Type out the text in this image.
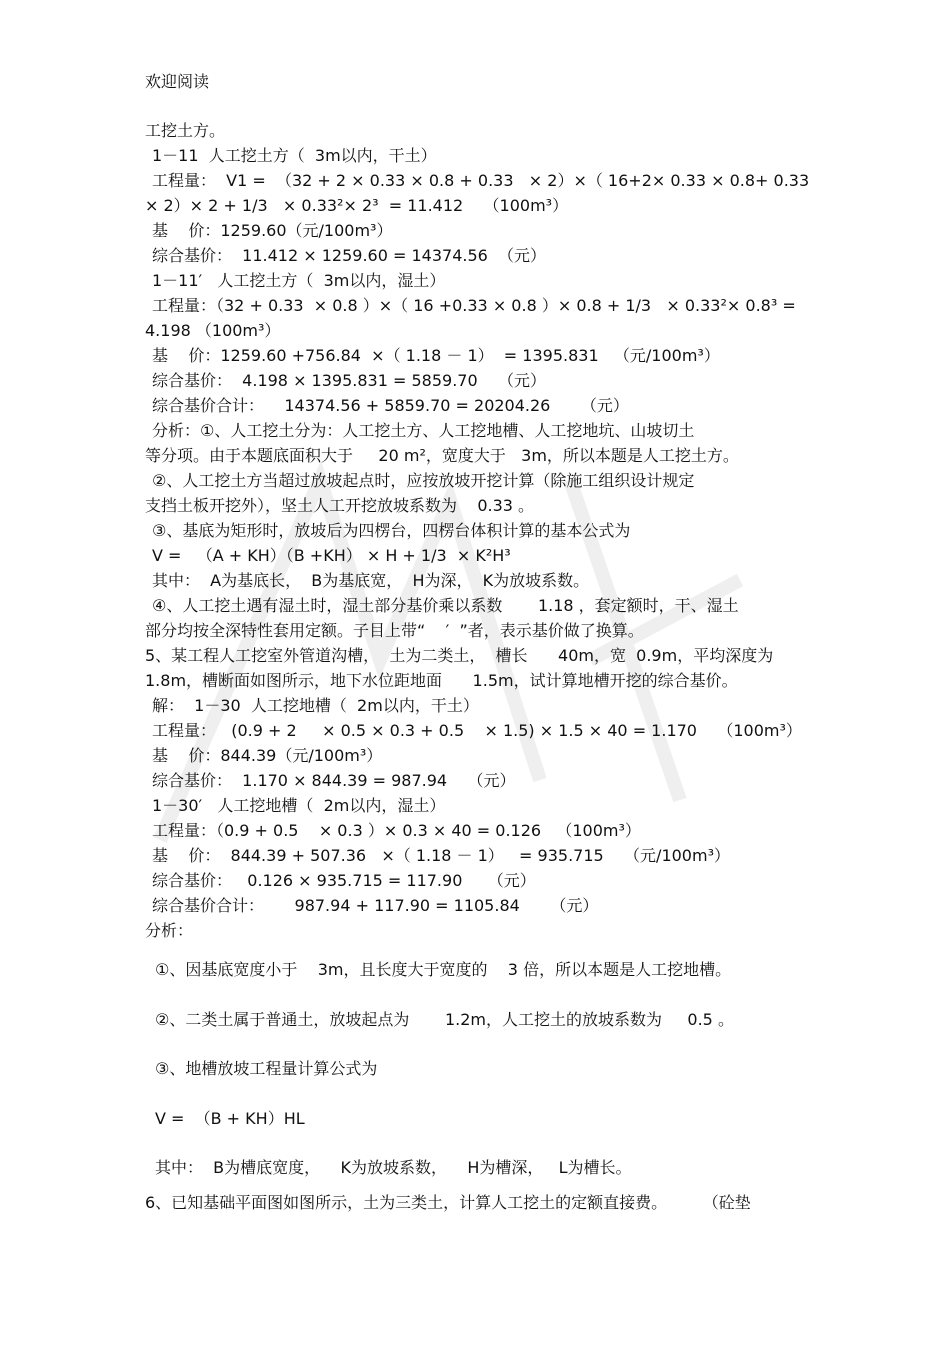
欢迎阅读
工挖土方。
1－11  人工挖土方（  3m以内，干土）
工程量：  V1 =  （32 + 2 × 0.33 × 0.8 + 0.33   × 2）×（ 16+2× 0.33 × 0.8+ 0.33
× 2）× 2 + 1/3   × 0.33²× 2³  = 11.412    （100m³）
基    价：1259.60（元/100m³）
综合基价：  11.412 × 1259.60 = 14374.56  （元）
1－11′   人工挖土方（  3m以内，湿土）
工程量：（32 + 0.33  × 0.8 ）×（ 16 +0.33 × 0.8 ）× 0.8 + 1/3   × 0.33²× 0.8³ =
4.198 （100m³）
基    价：1259.60 +756.84  ×（ 1.18 － 1）  = 1395.831   （元/100m³）
综合基价：  4.198 × 1395.831 = 5859.70    （元）
综合基价合计：    14374.56 + 5859.70 = 20204.26      （元）
分析：①、人工挖土分为：人工挖土方、人工挖地槽、人工挖地坑、山坡切土
等分项。由于本题底面积大于     20 m²，宽度大于   3m，所以本题是人工挖土方。
②、人工挖土方当超过放坡起点时，应按放坡开挖计算（除施工组织设计规定
支挡土板开挖外），坚土人工开挖放坡系数为    0.33 。
③、基底为矩形时，放坡后为四楞台，四楞台体积计算的基本公式为
V =   （A + KH）（B +KH） × H + 1/3  × K²H³
其中：  A为基底长，  B为基底宽，  H为深，  K为放坡系数。
④、人工挖土遇有湿土时，湿土部分基价乘以系数       1.18 ，套定额时，干、湿土
部分均按全深特性套用定额。子目上带“    ′  ”者，表示基价做了换算。
5、某工程人工挖室外管道沟槽，  土为二类土，  槽长      40m，宽  0.9m，平均深度为
1.8m，槽断面如图所示，地下水位距地面      1.5m，试计算地槽开挖的综合基价。
解：  1－30  人工挖地槽（  2m以内，干土）
工程量：   (0.9 + 2     × 0.5 × 0.3 + 0.5    × 1.5) × 1.5 × 40 = 1.170    （100m³）
基    价：844.39（元/100m³）
综合基价：  1.170 × 844.39 = 987.94    （元）
1－30′   人工挖地槽（  2m以内，湿土）
工程量：（0.9 + 0.5    × 0.3 ）× 0.3 × 40 = 0.126   （100m³）
基    价：  844.39 + 507.36   ×（ 1.18 － 1）   = 935.715    （元/100m³）
综合基价：   0.126 × 935.715 = 117.90     （元）
综合基价合计：      987.94 + 117.90 = 1105.84      （元）
分析：
①、因基底宽度小于    3m，且长度大于宽度的    3 倍，所以本题是人工挖地槽。
②、二类土属于普通土，放坡起点为       1.2m，人工挖土的放坡系数为     0.5 。
③、地槽放坡工程量计算公式为
V =  （B + KH）HL
其中：  B为槽底宽度，    K为放坡系数，    H为槽深，   L为槽长。
6、已知基础平面图如图所示，土为三类土，计算人工挖土的定额直接费。       （砼垫
